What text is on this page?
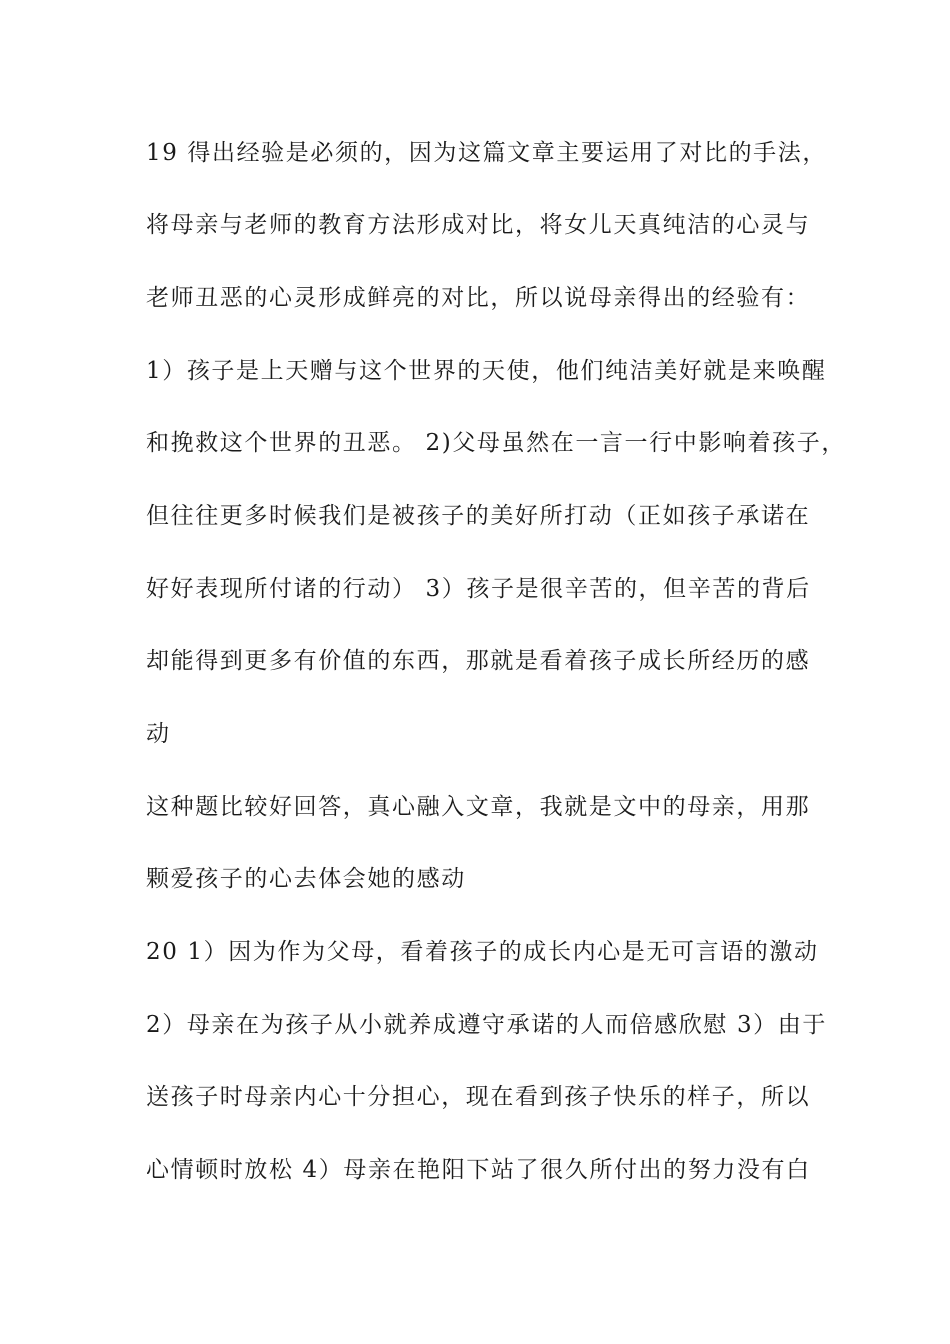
19 得出经验是必须的，因为这篇文章主要运用了对比的手法，
将母亲与老师的教育方法形成对比，将女儿天真纯洁的心灵与
老师丑恶的心灵形成鲜亮的对比，所以说母亲得出的经验有：
1）孩子是上天赠与这个世界的天使，他们纯洁美好就是来唤醒
和挽救这个世界的丑恶。 2)父母虽然在一言一行中影响着孩子，
但往往更多时候我们是被孩子的美好所打动（正如孩子承诺在
好好表现所付诸的行动） 3）孩子是很辛苦的，但辛苦的背后
却能得到更多有价值的东西，那就是看着孩子成长所经历的感
动
这种题比较好回答，真心融入文章，我就是文中的母亲，用那
颗爱孩子的心去体会她的感动
20 1）因为作为父母，看着孩子的成长内心是无可言语的激动
2）母亲在为孩子从小就养成遵守承诺的人而倍感欣慰 3）由于
送孩子时母亲内心十分担心，现在看到孩子快乐的样子，所以
心情顿时放松 4）母亲在艳阳下站了很久所付出的努力没有白
